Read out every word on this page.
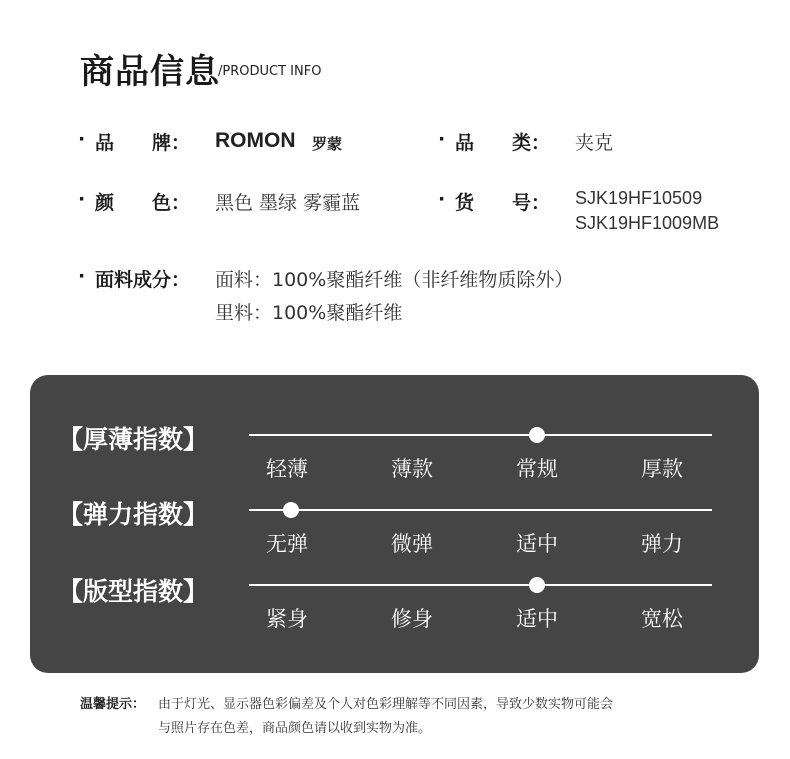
商品信息
/PRODUCT INFO
· 品　　牌： ROMON 罗蒙	· 品　　类： 夹克
· 颜　　色： 黑色 墨绿 雾霾蓝	· 货　　号： SJK19HF10509
SJK19HF1009MB
· 面料成分： 面料：100%聚酯纤维（非纤维物质除外）
里料：100%聚酯纤维
【厚薄指数】
轻薄	薄款	常规	厚款
【弹力指数】
无弹	微弹	适中	弹力
【版型指数】
紧身	修身	适中	宽松
温馨提示： 由于灯光、显示器色彩偏差及个人对色彩理解等不同因素，导致少数实物可能会
与照片存在色差，商品颜色请以收到实物为准。
